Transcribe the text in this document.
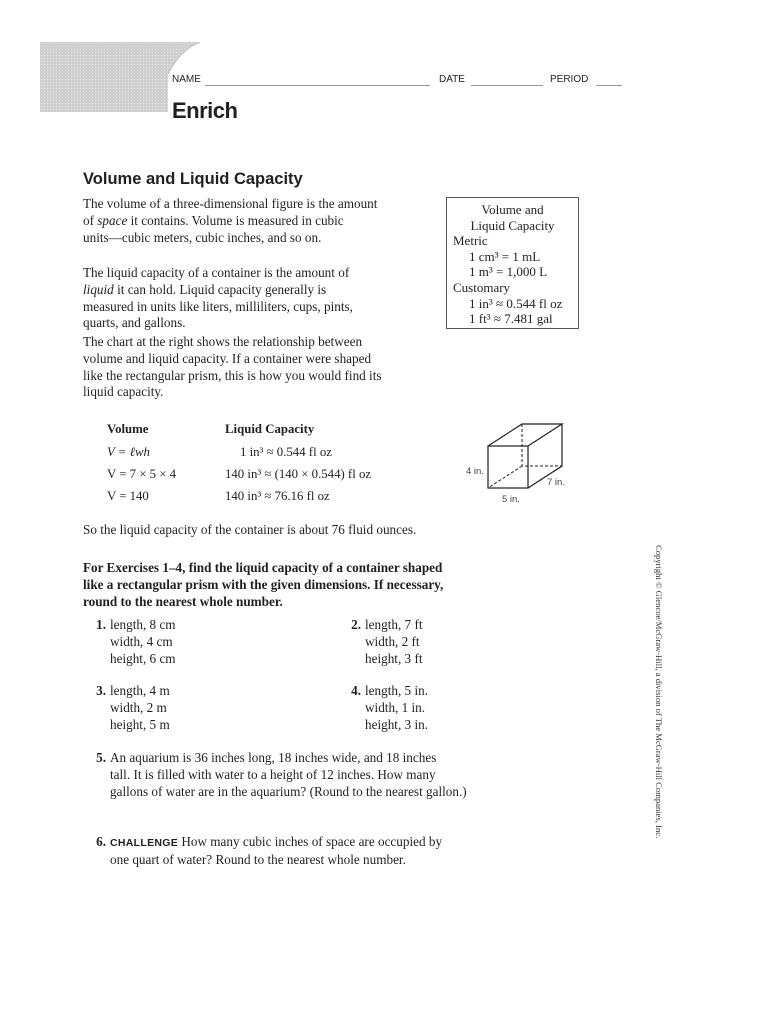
NAME	DATE	PERIOD
Enrich
Volume and Liquid Capacity
The volume of a three-dimensional figure is the amount
of space it contains. Volume is measured in cubic
units—cubic meters, cubic inches, and so on.
The liquid capacity of a container is the amount of
liquid it can hold. Liquid capacity generally is
measured in units like liters, milliliters, cups, pints,
quarts, and gallons.
The chart at the right shows the relationship between
volume and liquid capacity. If a container were shaped
like the rectangular prism, this is how you would find its
liquid capacity.
Volume and
Liquid Capacity
Metric
1 cm³ = 1 mL
1 m³ = 1,000 L
Customary
1 in³ ≈ 0.544 fl oz
1 ft³ ≈ 7.481 gal
Volume	Liquid Capacity
V = ℓwh	1 in³ ≈ 0.544 fl oz
V = 7 × 5 × 4	140 in³ ≈ (140 × 0.544) fl oz
V = 140	140 in³ ≈ 76.16 fl oz
4 in.
5 in.
7 in.
So the liquid capacity of the container is about 76 fluid ounces.
For Exercises 1–4, find the liquid capacity of a container shaped
like a rectangular prism with the given dimensions. If necessary,
round to the nearest whole number.
1. length, 8 cm
width, 4 cm
height, 6 cm
2. length, 7 ft
width, 2 ft
height, 3 ft
3. length, 4 m
width, 2 m
height, 5 m
4. length, 5 in.
width, 1 in.
height, 3 in.
5. An aquarium is 36 inches long, 18 inches wide, and 18 inches
tall. It is filled with water to a height of 12 inches. How many
gallons of water are in the aquarium? (Round to the nearest gallon.)
6. CHALLENGE How many cubic inches of space are occupied by
one quart of water? Round to the nearest whole number.
Copyright © Glencoe/McGraw-Hill, a division of The McGraw-Hill Companies, Inc.
